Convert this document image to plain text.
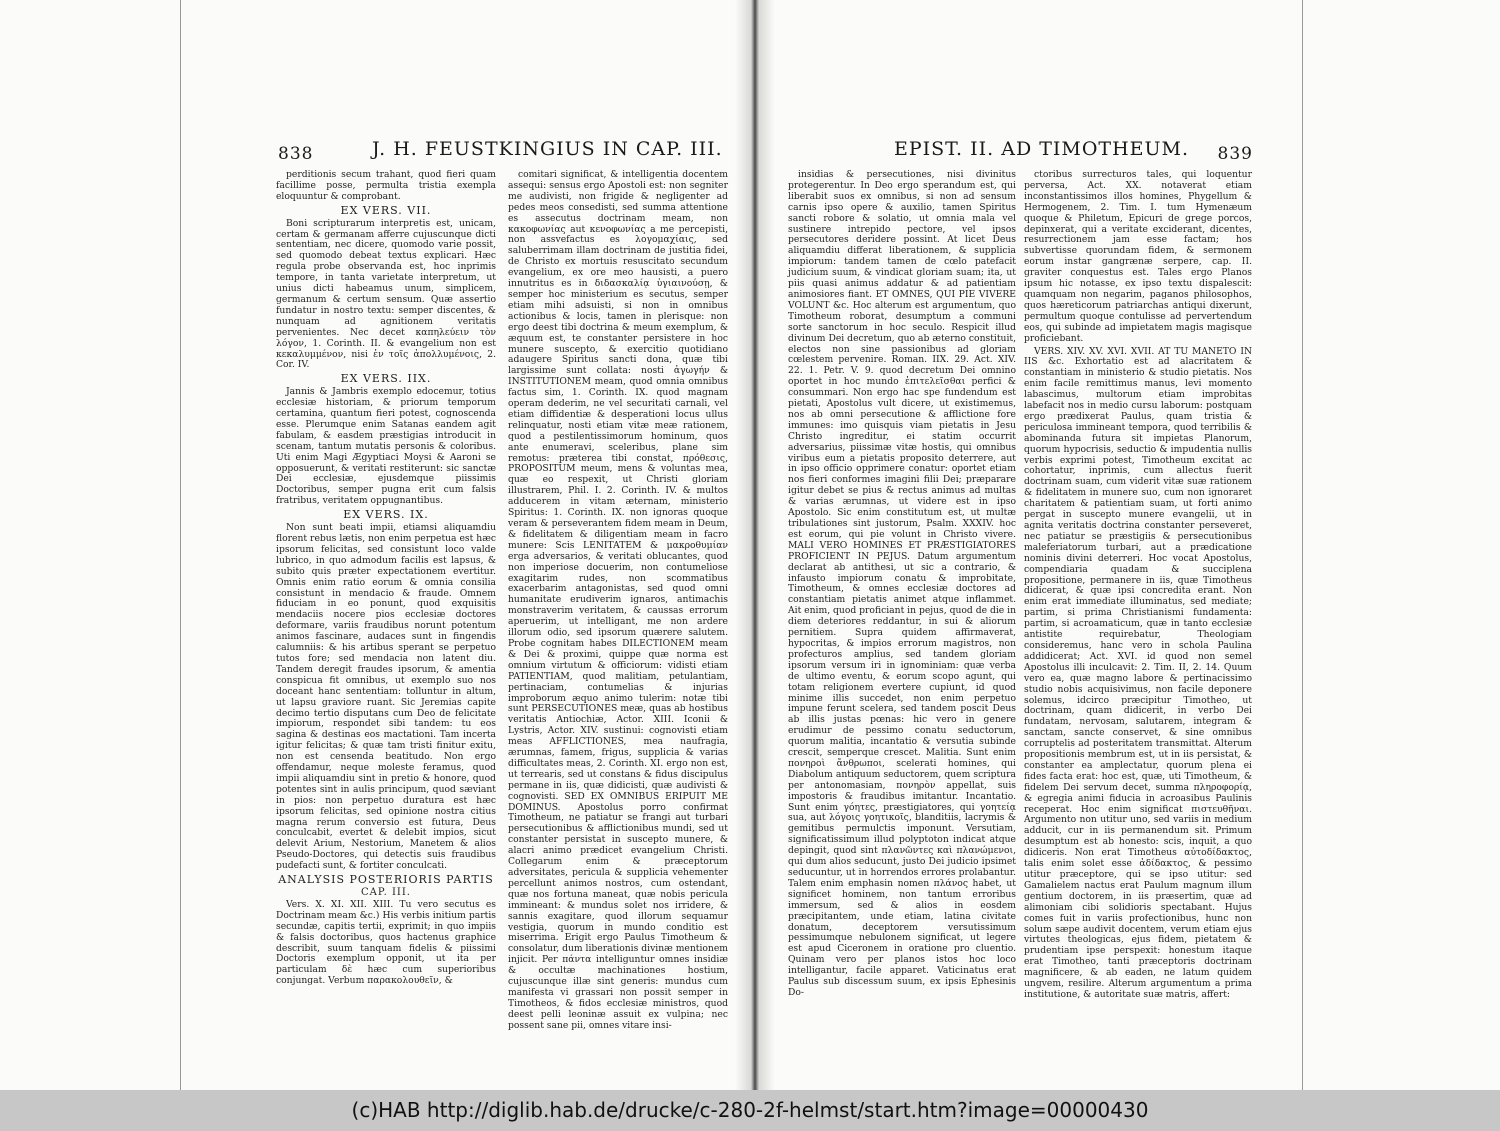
838	J. H. FEUSTKINGIUS IN CAP. III.

perditionis secum trahant, quod fieri quam facillime posse, permulta tristia exempla eloquuntur & comprobant.

EX VERS. VII.

Boni scripturarum interpretis est, unicam, certam & germanam afferre cujuscunque dicti sententiam, nec dicere, quomodo varie possit, sed quomodo debeat textus explicari. Hæc regula probe observanda est, hoc inprimis tempore, in tanta varietate interpretum, ut unius dicti habeamus unum, simplicem, germanum & certum sensum. Quæ assertio fundatur in nostro textu: semper discentes, & nunquam ad agnitionem veritatis pervenientes. Nec decet καπηλεύειν τὸν λόγον, 1. Corinth. II. & evangelium non est κεκαλυμμένον, nisi ἐν τοῖς ἀπολλυμένοις, 2. Cor. IV.

EX VERS. IIX.

Jannis & Jambris exemplo edocemur, totius ecclesiæ historiam, & priorum temporum certamina, quantum fieri potest, cognoscenda esse. Plerumque enim Satanas eandem agit fabulam, & easdem præstigias introducit in scenam, tantum mutatis personis & coloribus. Uti enim Magi Ægyptiaci Moysi & Aaroni se opposuerunt, & veritati restiterunt: sic sanctæ Dei ecclesiæ, ejusdemque piissimis Doctoribus, semper pugna erit cum falsis fratribus, veritatem oppugnantibus.

EX VERS. IX.

Non sunt beati impii, etiamsi aliquamdiu florent rebus lætis, non enim perpetua est hæc ipsorum felicitas, sed consistunt loco valde lubrico, in quo admodum facilis est lapsus, & subito quis præter expectationem evertitur. Omnis enim ratio eorum & omnia consilia consistunt in mendacio & fraude. Omnem fiduciam in eo ponunt, quod exquisitis mendaciis nocere pios ecclesiæ doctores deformare, variis fraudibus norunt potentum animos fascinare, audaces sunt in fingendis calumniis: & his artibus sperant se perpetuo tutos fore; sed mendacia non latent diu. Tandem deregit fraudes ipsorum, & amentia conspicua fit omnibus, ut exemplo suo nos doceant hanc sententiam: tolluntur in altum, ut lapsu graviore ruant. Sic Jeremias capite decimo tertio disputans cum Deo de felicitate impiorum, respondet sibi tandem: tu eos sagina & destinas eos mactationi. Tam incerta igitur felicitas; & quæ tam tristi finitur exitu, non est censenda beatitudo. Non ergo offendamur, neque moleste feramus, quod impii aliquamdiu sint in pretio & honore, quod potentes sint in aulis principum, quod sæviant in pios: non perpetuo duratura est hæc ipsorum felicitas, sed opinione nostra citius magna rerum conversio est futura, Deus conculcabit, evertet & delebit impios, sicut delevit Arium, Nestorium, Manetem & alios Pseudo-Doctores, qui detectis suis fraudibus pudefacti sunt, & fortiter conculcati.

ANALYSIS POSTERIORIS PARTIS
CAP. III.

Vers. X. XI. XII. XIII. Tu vero secutus es Doctrinam meam &c.) His verbis initium partis secundæ, capitis tertii, exprimit; in quo impiis & falsis doctoribus, quos hactenus graphice describit, suum tanquam fidelis & piissimi Doctoris exemplum opponit, ut ita per particulam δὲ hæc cum superioribus conjungat. Verbum παρακολουθεῖν, &

comitari significat, & intelligentia docentem assequi: sensus ergo Apostoli est: non segniter me audivisti, non frigide & negligenter ad pedes meos consedisti, sed summa attentione es assecutus doctrinam meam, non κακοφωνίας aut κενοφωνίας a me percepisti, non assvefactus es λογομαχίαις, sed saluberrimam illam doctrinam de justitia fidei, de Christo ex mortuis resuscitato secundum evangelium, ex ore meo hausisti, a puero innutritus es in διδασκαλίᾳ ὑγιαινούσῃ, & semper hoc ministerium es secutus, semper etiam mihi adsuisti, si non in omnibus actionibus & locis, tamen in plerisque: non ergo deest tibi doctrina & meum exemplum, & æquum est, te constanter persistere in hoc munere suscepto, & exercitio quotidiano adaugere Spiritus sancti dona, quæ tibi largissime sunt collata: nosti ἀγωγήν & INSTITUTIONEM meam, quod omnia omnibus factus sim, 1. Corinth. IX. quod magnam operam dederim, ne vel securitati carnali, vel etiam diffidentiæ & desperationi locus ullus relinquatur, nosti etiam vitæ meæ rationem, quod a pestilentissimorum hominum, quos ante enumeravi, sceleribus, plane sim remotus: præterea tibi constat, πρόθεσις, PROPOSITUM meum, mens & voluntas mea, quæ eo respexit, ut Christi gloriam illustrarem, Phil. I. 2. Corinth. IV. & multos adducerem in vitam æternam, ministerio Spiritus: 1. Corinth. IX. non ignoras quoque veram & perseverantem fidem meam in Deum, & fidelitatem & diligentiam meam in facro munere: Scis LENITATEM & μακροθυμίαν erga adversarios, & veritati oblucantes, quod non imperiose docuerim, non contumeliose exagitarim rudes, non scommatibus exacerbarim antagonistas, sed quod omni humanitate erudiverim ignaros, antimachis monstraverim veritatem, & caussas errorum aperuerim, ut intelligant, me non ardere illorum odio, sed ipsorum quærere salutem. Probe cognitam habes DILECTIONEM meam & Dei & proximi, quippe quæ norma est omnium virtutum & officiorum: vidisti etiam PATIENTIAM, quod malitiam, petulantiam, pertinaciam, contumelias & injurias improborum æquo animo tulerim: notæ tibi sunt PERSECUTIONES meæ, quas ab hostibus veritatis Antiochiæ, Actor. XIII. Iconii & Lystris, Actor. XIV. sustinui: cognovisti etiam meas AFFLICTIONES, mea naufragia, ærumnas, famem, frigus, supplicia & varias difficultates meas, 2. Corinth. XI. ergo non est, ut terrearis, sed ut constans & fidus discipulus permane in iis, quæ didicisti, quæ audivisti & cognovisti. SED EX OMNIBUS ERIPUIT ME DOMINUS. Apostolus porro confirmat Timotheum, ne patiatur se frangi aut turbari persecutionibus & afflictionibus mundi, sed ut constanter persistat in suscepto munere, & alacri animo prædicet evangelium Christi. Collegarum enim & præceptorum adversitates, pericula & supplicia vehementer percellunt animos nostros, cum ostendant, quæ nos fortuna maneat, quæ nobis pericula immineant: & mundus solet nos irridere, & sannis exagitare, quod illorum sequamur vestigia, quorum in mundo conditio est miserrima. Erigit ergo Paulus Timotheum & consolatur, dum liberationis divinæ mentionem injicit. Per πάντα intelliguntur omnes insidiæ & occultæ machinationes hostium, cujuscunque illæ sint generis: mundus cum manifesta vi grassari non possit semper in Timotheos, & fidos ecclesiæ ministros, quod deest pelli leoninæ assuit ex vulpina; nec possent sane pii, omnes vitare insi-

EPIST. II. AD TIMOTHEUM. 839

insidias & persecutiones, nisi divinitus protegerentur. In Deo ergo sperandum est, qui liberabit suos ex omnibus, si non ad sensum carnis ipso opere & auxilio, tamen Spiritus sancti robore & solatio, ut omnia mala vel sustinere intrepido pectore, vel ipsos persecutores deridere possint. At licet Deus aliquamdiu differat liberationem, & supplicia impiorum: tandem tamen de cœlo patefacit judicium suum, & vindicat gloriam suam; ita, ut piis quasi animus addatur & ad patientiam animosiores fiant. ET OMNES, QUI PIE VIVERE VOLUNT &c. Hoc alterum est argumentum, quo Timotheum roborat, desumptum a communi sorte sanctorum in hoc seculo. Respicit illud divinum Dei decretum, quo ab æterno constituit, electos non sine passionibus ad gloriam cœlestem pervenire. Roman. IIX. 29. Act. XIV. 22. 1. Petr. V. 9. quod decretum Dei omnino oportet in hoc mundo ἐπιτελεῖσθαι perfici & consummari. Non ergo hac spe fundendum est pietati, Apostolus vult dicere, ut existimemus, nos ab omni persecutione & afflictione fore immunes: imo quisquis viam pietatis in Jesu Christo ingreditur, ei statim occurrit adversarius, piissimæ vitæ hostis, qui omnibus viribus eum a pietatis proposito deterrere, aut in ipso officio opprimere conatur: oportet etiam nos fieri conformes imagini filii Dei; præparare igitur debet se pius & rectus animus ad multas & varias ærumnas, ut videre est in ipso Apostolo. Sic enim constitutum est, ut multæ tribulationes sint justorum, Psalm. XXXIV. hoc est eorum, qui pie volunt in Christo vivere. MALI VERO HOMINES ET PRÆSTIGIATORES PROFICIENT IN PEJUS. Datum argumentum declarat ab antithesi, ut sic a contrario, & infausto impiorum conatu & improbitate, Timotheum, & omnes ecclesiæ doctores ad constantiam pietatis animet atque inflammet. Ait enim, quod proficiant in pejus, quod de die in diem deteriores reddantur, in sui & aliorum pernitiem. Supra quidem affirmaverat, hypocritas, & impios errorum magistros, non profecturos amplius, sed tandem gloriam ipsorum versum iri in ignominiam: quæ verba de ultimo eventu, & eorum scopo agunt, qui totam religionem evertere cupiunt, id quod minime illis succedet, non enim perpetuo impune ferunt scelera, sed tandem poscit Deus ab illis justas pœnas: hic vero in genere erudimur de pessimo conatu seductorum, quorum malitia, incantatio & versutia subinde crescit, semperque crescet. Malitia. Sunt enim πονηροὶ ἄνθρωποι, scelerati homines, qui Diabolum antiquum seductorem, quem scriptura per antonomasiam, πονηρὸν appellat, suis impostoris & fraudibus imitantur. Incantatio. Sunt enim γόητες, præstigiatores, qui γοητείᾳ sua, aut λόγοις γοητικοῖς, blanditiis, lacrymis & gemitibus permulctis imponunt. Versutiam, significatissimum illud polyptoton indicat atque depingit, quod sint πλανῶντες καὶ πλανώμενοι, qui dum alios seducunt, justo Dei judicio ipsimet seducuntur, ut in horrendos errores prolabantur. Talem enim emphasin nomen πλάνος habet, ut significet hominem, non tantum erroribus immersum, sed & alios in eosdem præcipitantem, unde etiam, latina civitate donatum, deceptorem versutissimum pessimumque nebulonem significat, ut legere est apud Ciceronem in oratione pro cluentio. Quinam vero per planos istos hoc loco intelligantur, facile apparet. Vaticinatus erat Paulus sub discessum suum, ex ipsis Ephesinis Do-

ctoribus surrecturos tales, qui loquentur perversa, Act. XX. notaverat etiam inconstantissimos illos homines, Phygellum & Hermogenem, 2. Tim. I. tum Hymenæum quoque & Philetum, Epicuri de grege porcos, depinxerat, qui a veritate exciderant, dicentes, resurrectionem jam esse factam; hos subvertisse quorundam fidem, & sermonem eorum instar gangrænæ serpere, cap. II. graviter conquestus est. Tales ergo Planos ipsum hic notasse, ex ipso textu dispalescit: quamquam non negarim, paganos philosophos, quos hæreticorum patriarchas antiqui dixerunt, permultum quoque contulisse ad pervertendum eos, qui subinde ad impietatem magis magisque proficiebant.

VERS. XIV. XV. XVI. XVII. AT TU MANETO IN IIS &c. Exhortatio est ad alacritatem & constantiam in ministerio & studio pietatis. Nos enim facile remittimus manus, levi momento labascimus, multorum etiam improbitas labefacit nos in medio cursu laborum: postquam ergo prædixerat Paulus, quam tristia & periculosa immineant tempora, quod terribilis & abominanda futura sit impietas Planorum, quorum hypocrisis, seductio & impudentia nullis verbis exprimi potest, Timotheum excitat ac cohortatur, inprimis, cum allectus fuerit doctrinam suam, cum viderit vitæ suæ rationem & fidelitatem in munere suo, cum non ignoraret charitatem & patientiam suam, ut forti animo pergat in suscepto munere evangelii, ut in agnita veritatis doctrina constanter perseveret, nec patiatur se præstigiis & persecutionibus maleferiatorum turbari, aut a prædicatione nominis divini deterreri. Hoc vocat Apostolus, compendiaria quadam & succiplena propositione, permanere in iis, quæ Timotheus didicerat, & quæ ipsi concredita erant. Non enim erat immediate illuminatus, sed mediate; partim, si prima Christianismi fundamenta: partim, si acroamaticum, quæ in tanto ecclesiæ antistite requirebatur, Theologiam consideremus, hanc vero in schola Paulina addidicerat; Act. XVI. id quod non semel Apostolus illi inculcavit: 2. Tim. II, 2. 14. Quum vero ea, quæ magno labore & pertinacissimo studio nobis acquisivimus, non facile deponere solemus, idcirco præcipitur Timotheo, ut doctrinam, quam didicerit, in verbo Dei fundatam, nervosam, salutarem, integram & sanctam, sancte conservet, & sine omnibus corruptelis ad posteritatem transmittat. Alterum propositionis membrum est, ut in iis persistat, & constanter ea amplectatur, quorum plena ei fides facta erat: hoc est, quæ, uti Timotheum, & fidelem Dei servum decet, summa πληροφορίᾳ, & egregia animi fiducia in acroasibus Paulinis receperat. Hoc enim significat πιστευθῆναι. Argumento non utitur uno, sed variis in medium adducit, cur in iis permanendum sit. Primum desumptum est ab honesto: scis, inquit, a quo didiceris. Non erat Timotheus αὐτοδίδακτος, talis enim solet esse ἀδίδακτος, & pessimo utitur præceptore, qui se ipso utitur: sed Gamalielem nactus erat Paulum magnum illum gentium doctorem, in iis præsertim, quæ ad alimoniam cibi solidioris spectabant. Hujus comes fuit in variis profectionibus, hunc non solum sæpe audivit docentem, verum etiam ejus virtutes theologicas, ejus fidem, pietatem & prudentiam ipse perspexit: honestum itaque erat Timotheo, tanti præceptoris doctrinam magnificere, & ab eaden, ne latum quidem ungvem, resilire. Alterum argumentum a prima institutione, & autoritate suæ matris, affert:

(c)HAB http://diglib.hab.de/drucke/c-280-2f-helmst/start.htm?image=00000430
